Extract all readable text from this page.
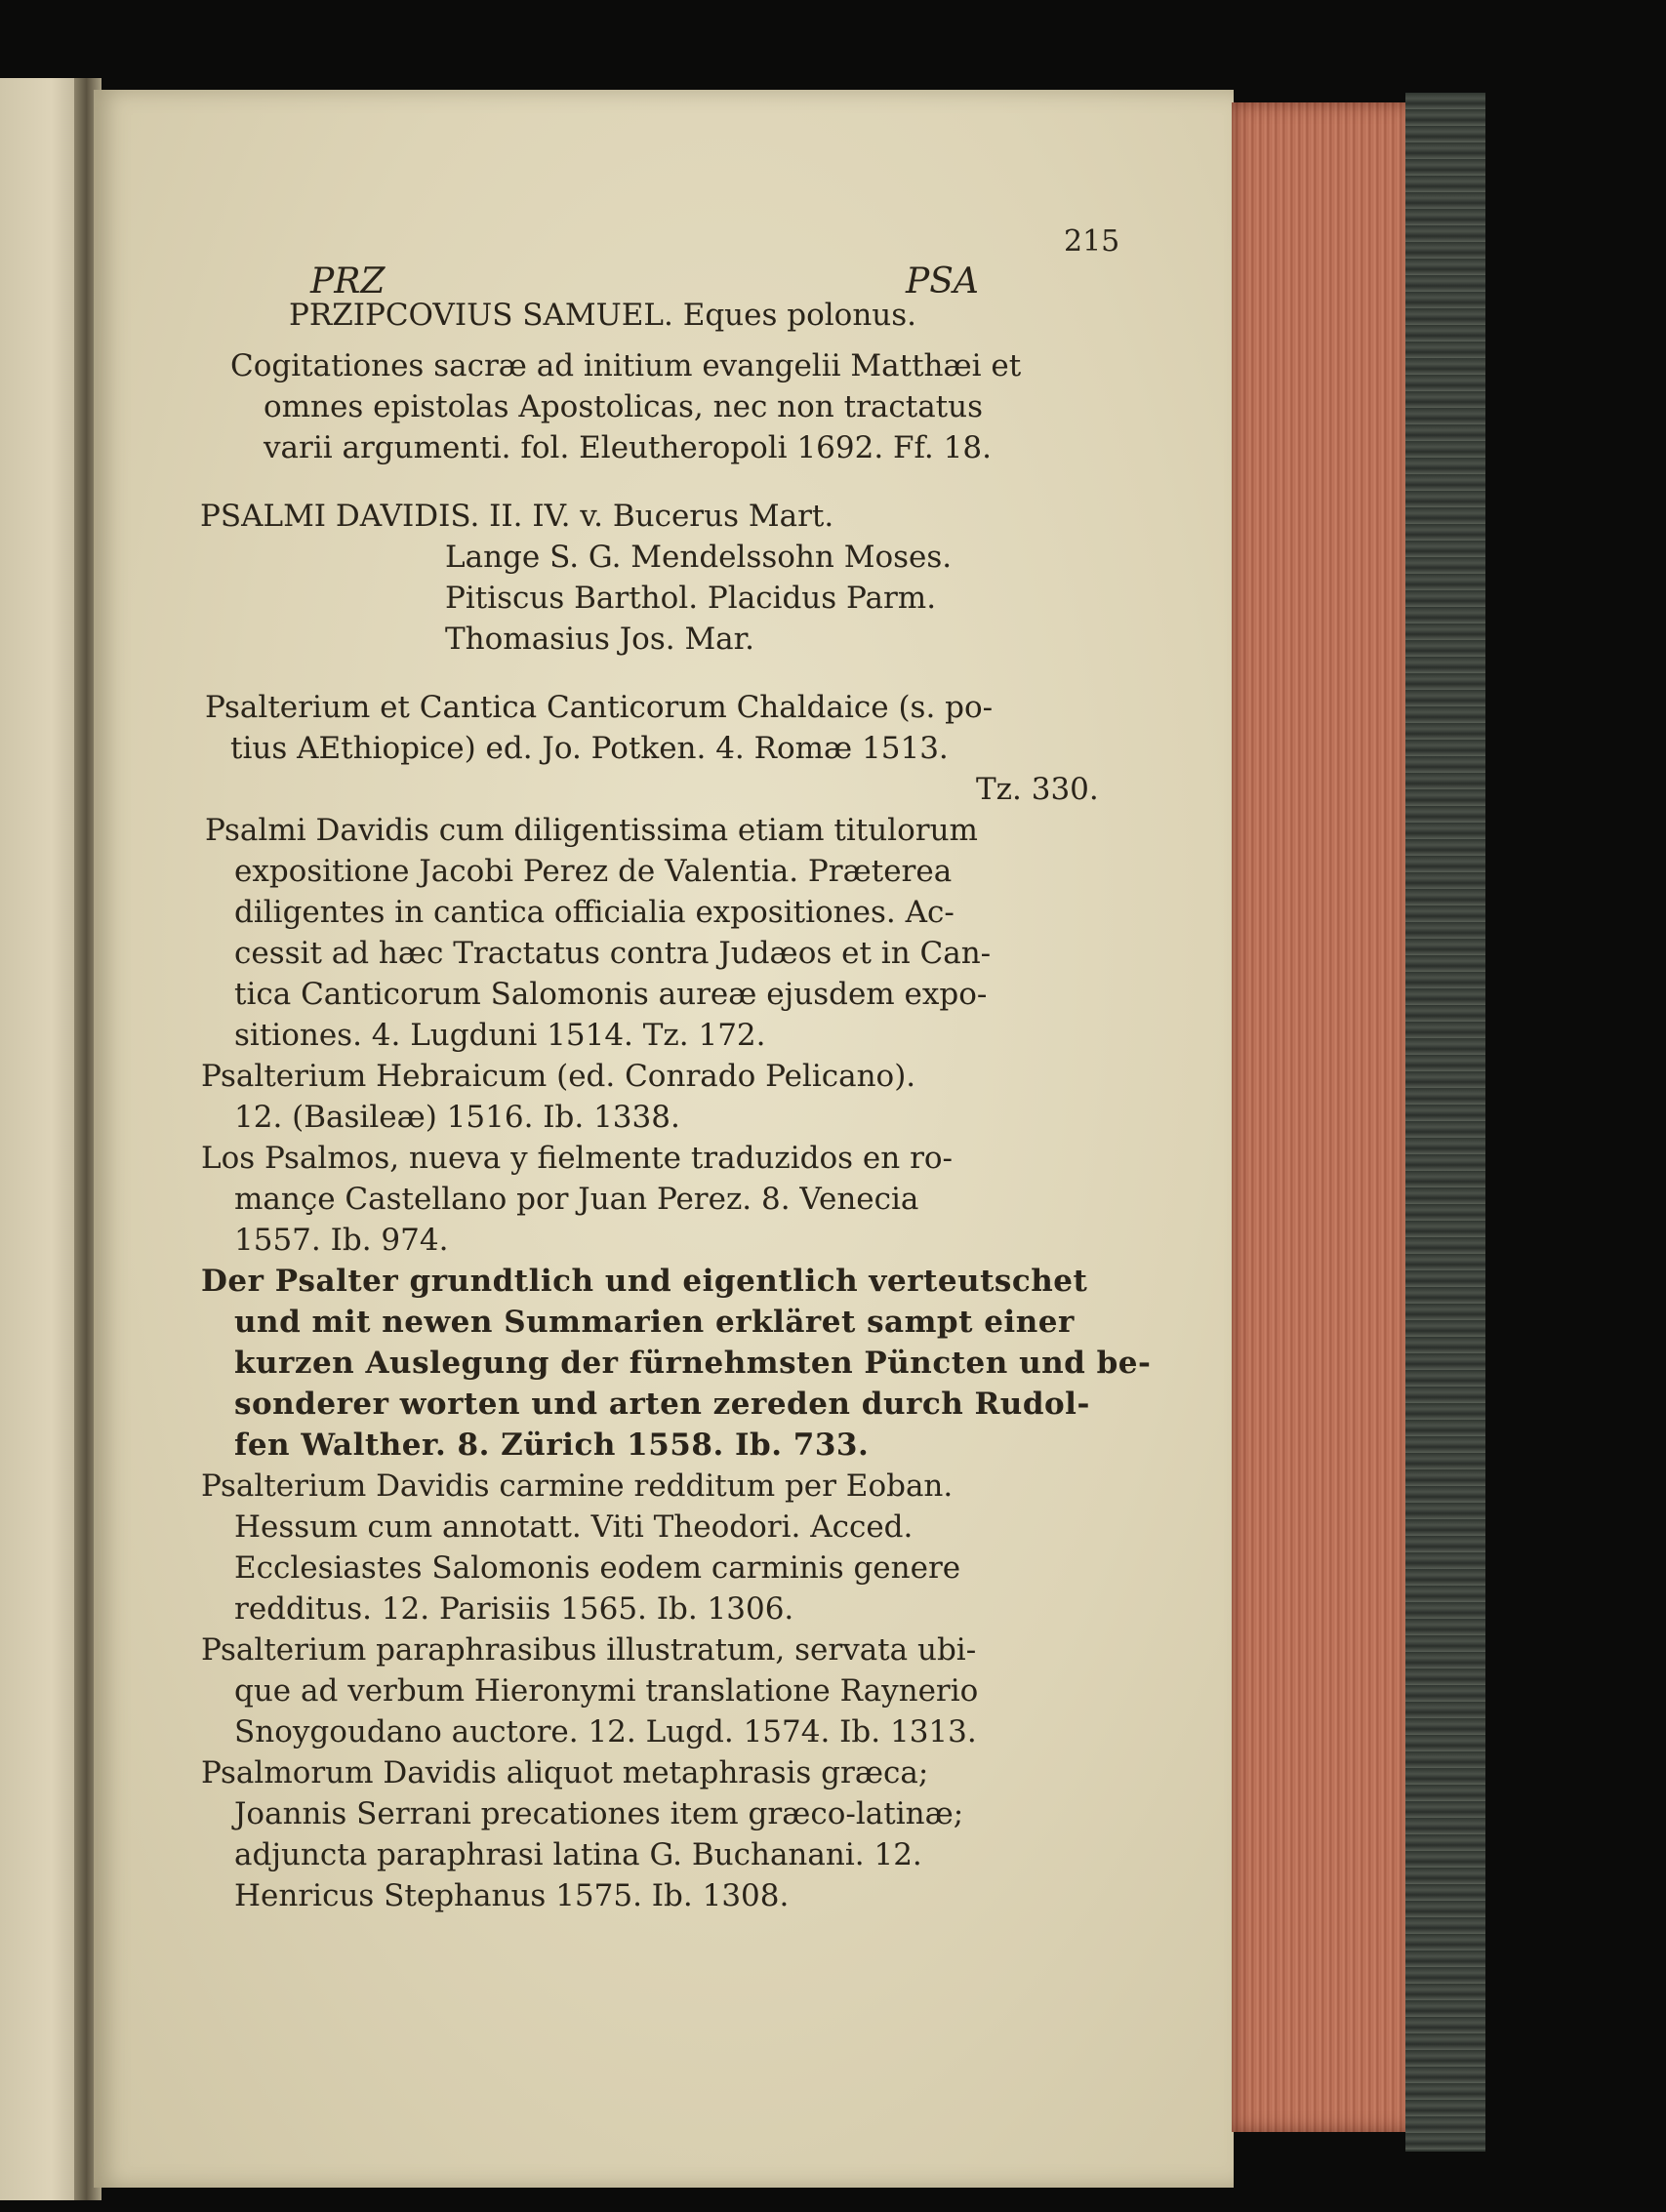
215
PRZ	PSA
PRZIPCOVIUS SAMUEL. Eques polonus.
Cogitationes sacræ ad initium evangelii Matthæi et
omnes epistolas Apostolicas, nec non tractatus
varii argumenti. fol. Eleutheropoli 1692. Ff. 18.
PSALMI DAVIDIS. II. IV. v. Bucerus Mart.
Lange S. G. Mendelssohn Moses.
Pitiscus Barthol. Placidus Parm.
Thomasius Jos. Mar.
Psalterium et Cantica Canticorum Chaldaice (s. po-
tius AEthiopice) ed. Jo. Potken. 4. Romæ 1513.
Tz. 330.
Psalmi Davidis cum diligentissima etiam titulorum
expositione Jacobi Perez de Valentia. Præterea
diligentes in cantica officialia expositiones. Ac-
cessit ad hæc Tractatus contra Judæos et in Can-
tica Canticorum Salomonis aureæ ejusdem expo-
sitiones. 4. Lugduni 1514. Tz. 172.
Psalterium Hebraicum (ed. Conrado Pelicano).
12. (Basileæ) 1516. Ib. 1338.
Los Psalmos, nueva y fielmente traduzidos en ro-
mançe Castellano por Juan Perez. 8. Venecia
1557. Ib. 974.
Der Psalter grundtlich und eigentlich verteutschet
und mit newen Summarien erkläret sampt einer
kurzen Auslegung der fürnehmsten Püncten und be-
sonderer worten und arten zereden durch Rudol-
fen Walther. 8. Zürich 1558. Ib. 733.
Psalterium Davidis carmine redditum per Eoban.
Hessum cum annotatt. Viti Theodori. Acced.
Ecclesiastes Salomonis eodem carminis genere
redditus. 12. Parisiis 1565. Ib. 1306.
Psalterium paraphrasibus illustratum, servata ubi-
que ad verbum Hieronymi translatione Raynerio
Snoygoudano auctore. 12. Lugd. 1574. Ib. 1313.
Psalmorum Davidis aliquot metaphrasis græca;
Joannis Serrani precationes item græco-latinæ;
adjuncta paraphrasi latina G. Buchanani. 12.
Henricus Stephanus 1575. Ib. 1308.
